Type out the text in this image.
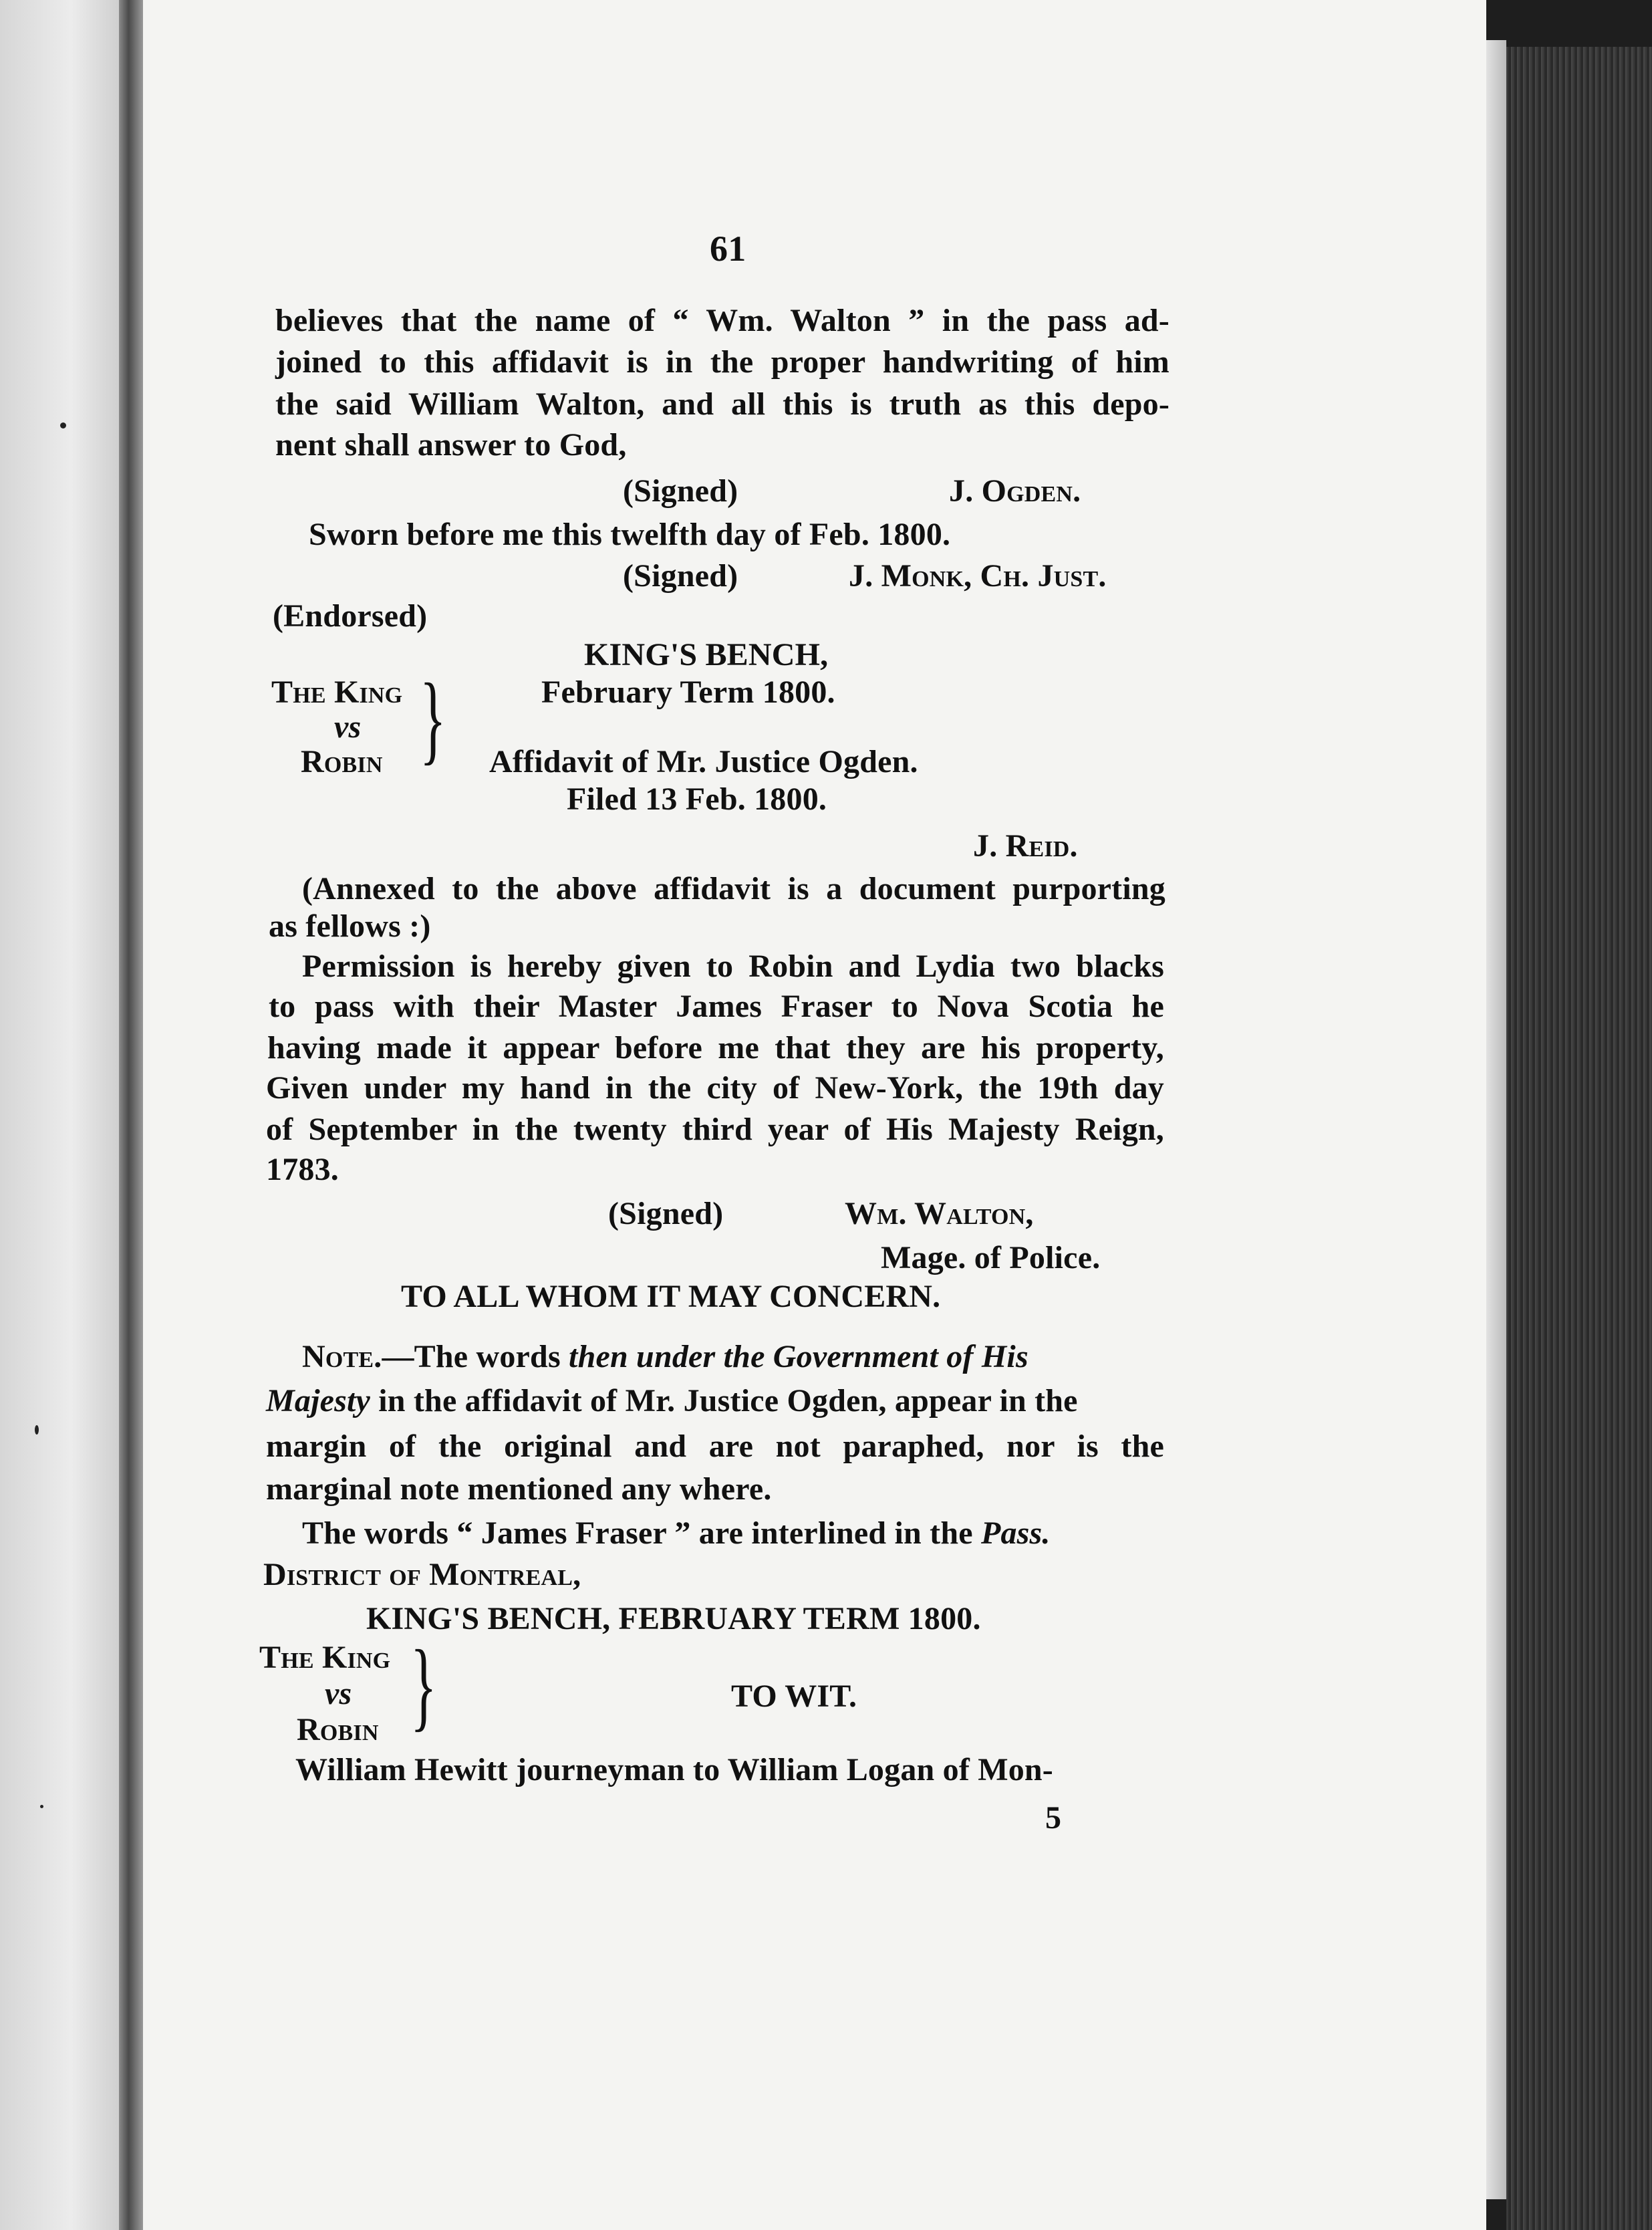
61
believes that the name of “ Wm. Walton ” in the pass ad-
joined to this affidavit is in the proper handwriting of him
the said William Walton, and all this is truth as this depo-
nent shall answer to God,
(Signed)	J. Ogden.
Sworn before me this twelfth day of Feb. 1800.
(Signed)	J. Monk, Ch. Just.
(Endorsed)
KING'S BENCH,
The King
vs
Robin }	February Term 1800.
Affidavit of Mr. Justice Ogden.
Filed 13 Feb. 1800.
J. Reid.
(Annexed to the above affidavit is a document purporting
as fellows :)
Permission is hereby given to Robin and Lydia two blacks
to pass with their Master James Fraser to Nova Scotia he
having made it appear before me that they are his property,
Given under my hand in the city of New-York, the 19th day
of September in the twenty third year of His Majesty Reign,
1783.
(Signed)	Wm. Walton,
Mage. of Police.
TO ALL WHOM IT MAY CONCERN.
Note.—The words then under the Government of His
Majesty in the affidavit of Mr. Justice Ogden, appear in the
margin of the original and are not paraphed, nor is the
marginal note mentioned any where.
The words “ James Fraser ” are interlined in the Pass.
District of Montreal,
KING'S BENCH, FEBRUARY TERM 1800.
The King
vs
Robin }	TO WIT.
William Hewitt journeyman to William Logan of Mon-
5
